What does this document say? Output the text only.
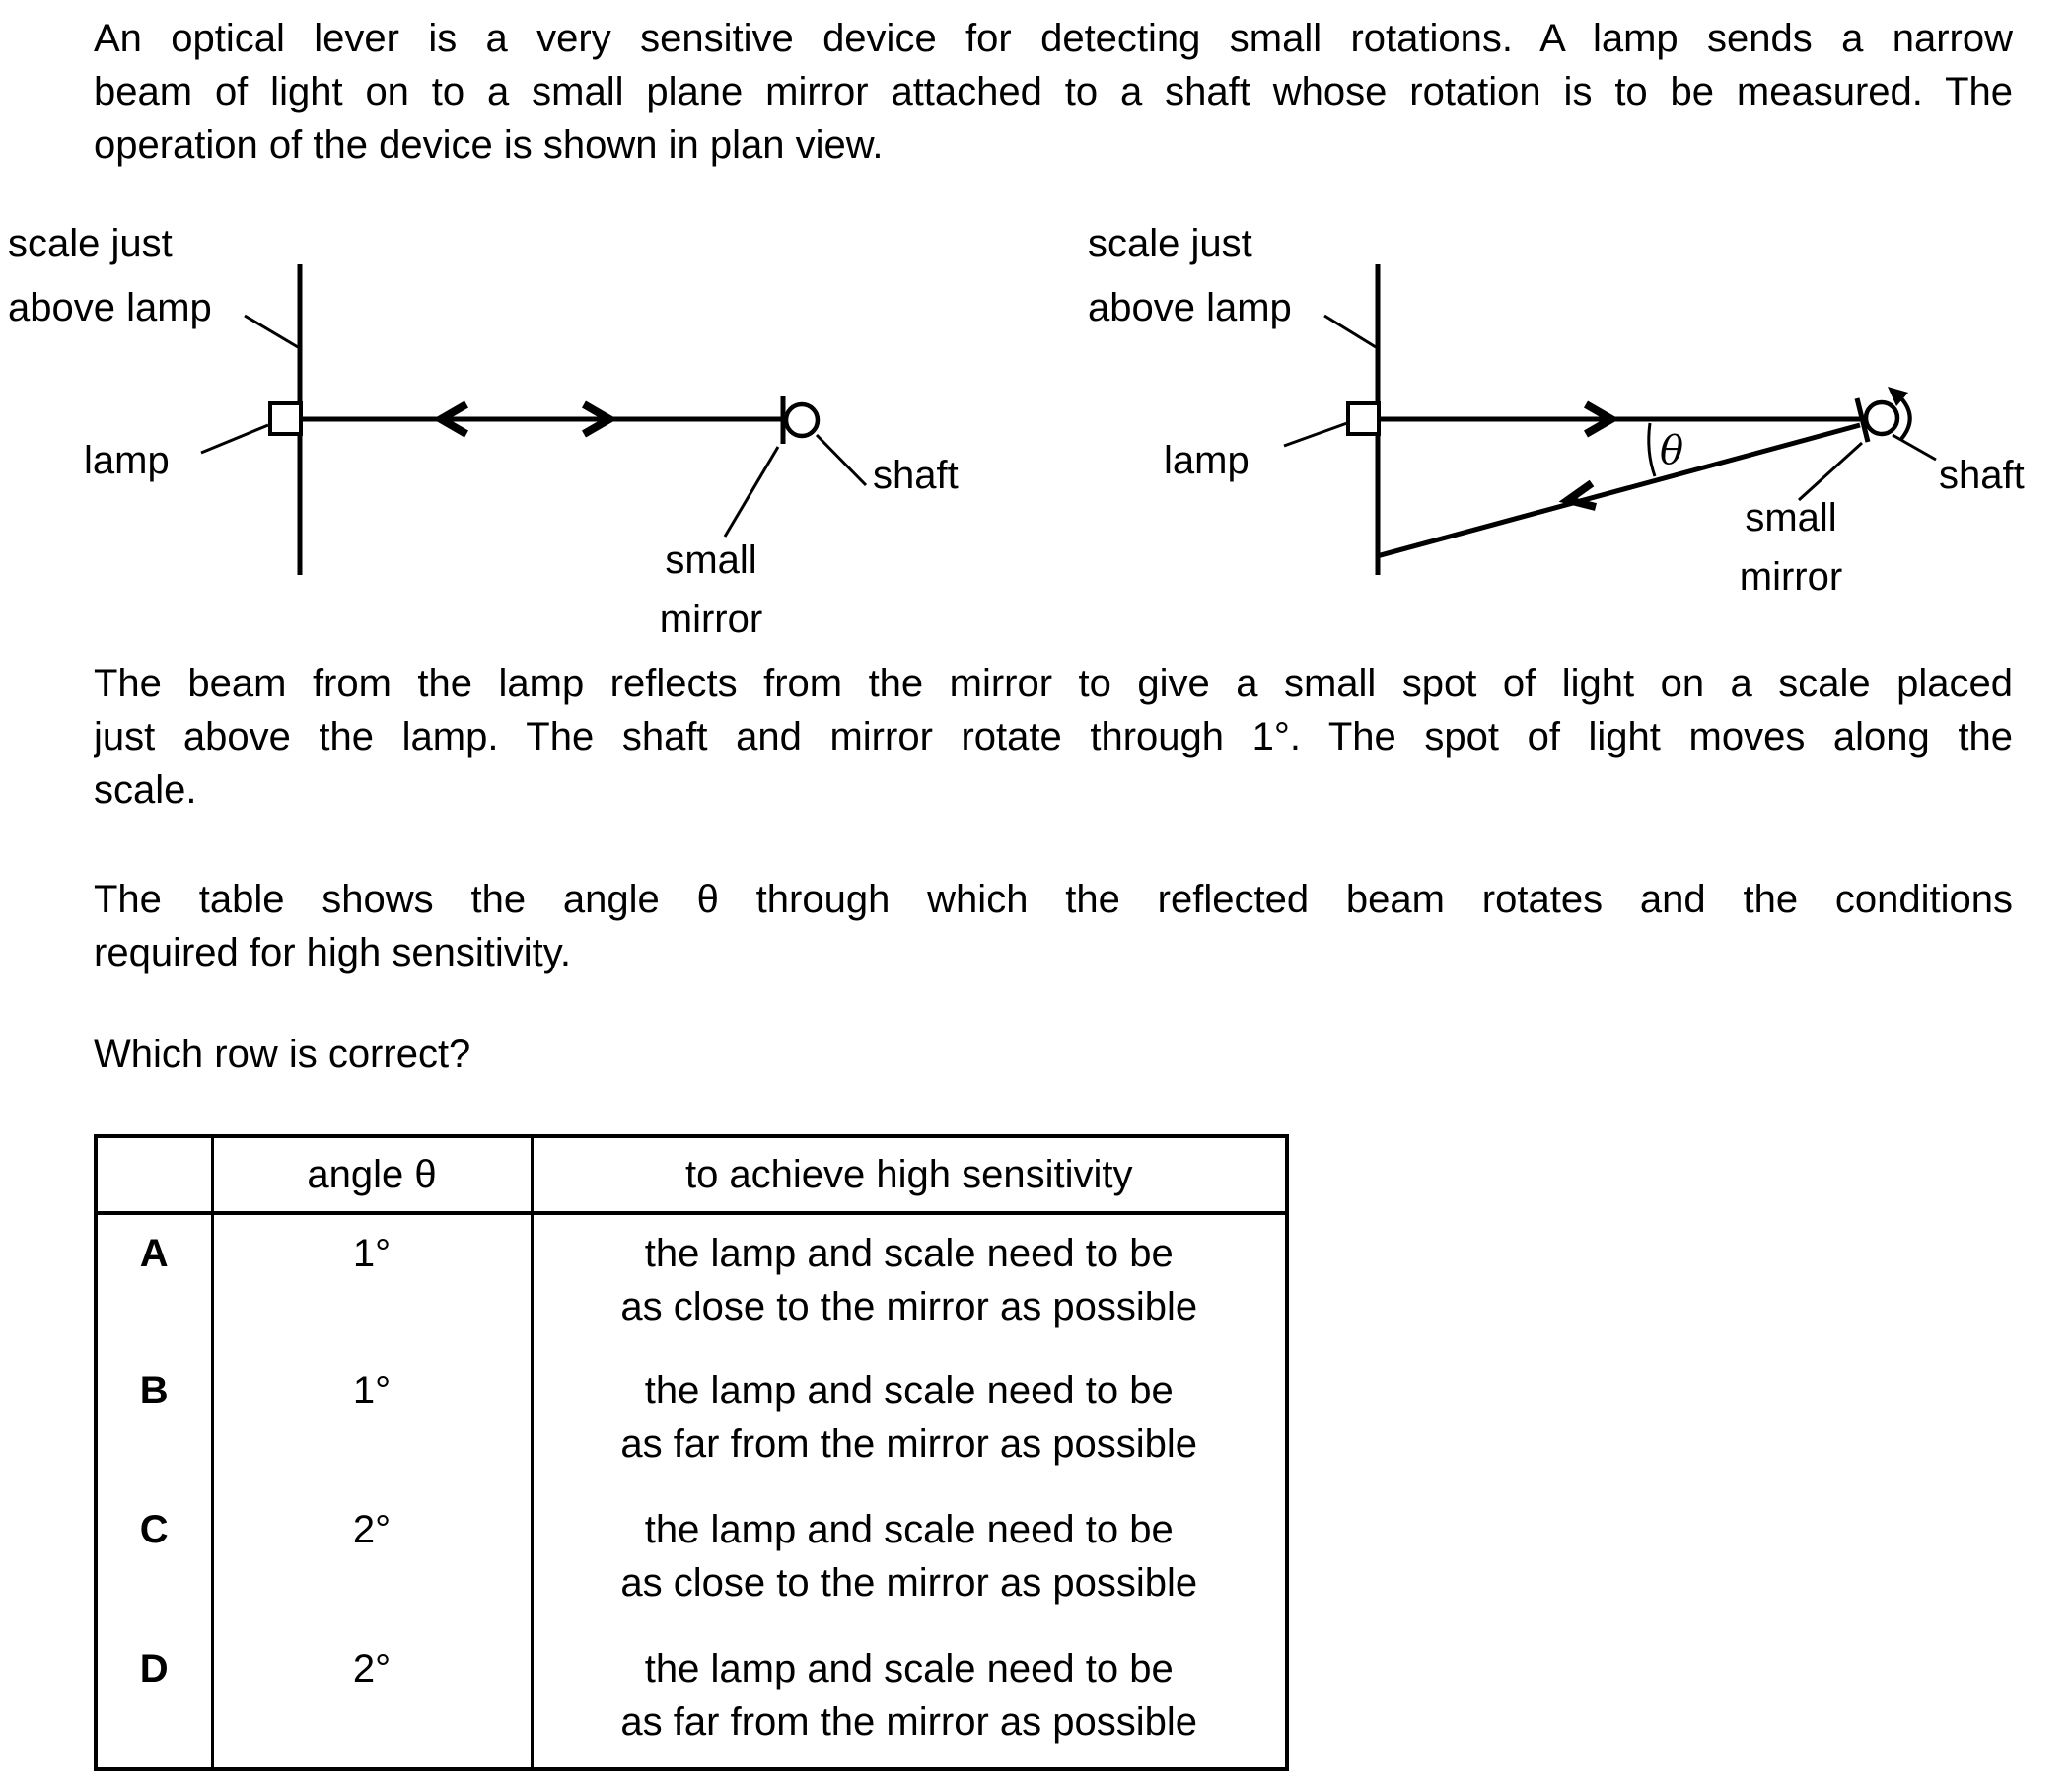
An optical lever is a very sensitive device for detecting small rotations. A lamp sends a narrow
beam of light on to a small plane mirror attached to a shaft whose rotation is to be measured. The
operation of the device is shown in plan view.
The beam from the lamp reflects from the mirror to give a small spot of light on a scale placed
just above the lamp. The shaft and mirror rotate through 1°. The spot of light moves along the
scale.
The table shows the angle θ through which the reflected beam rotates and the conditions
required for high sensitivity.
Which row is correct?
scale just
above lamp
lamp
small
mirror
shaft
scale just
above lamp
lamp	θ
small
mirror
shaft
	angle θ	to achieve high sensitivity
A	1°	the lamp and scale need to be
as close to the mirror as possible

B	1°	the lamp and scale need to be
as far from the mirror as possible

C	2°	the lamp and scale need to be
as close to the mirror as possible

D	2°	the lamp and scale need to be
as far from the mirror as possible
